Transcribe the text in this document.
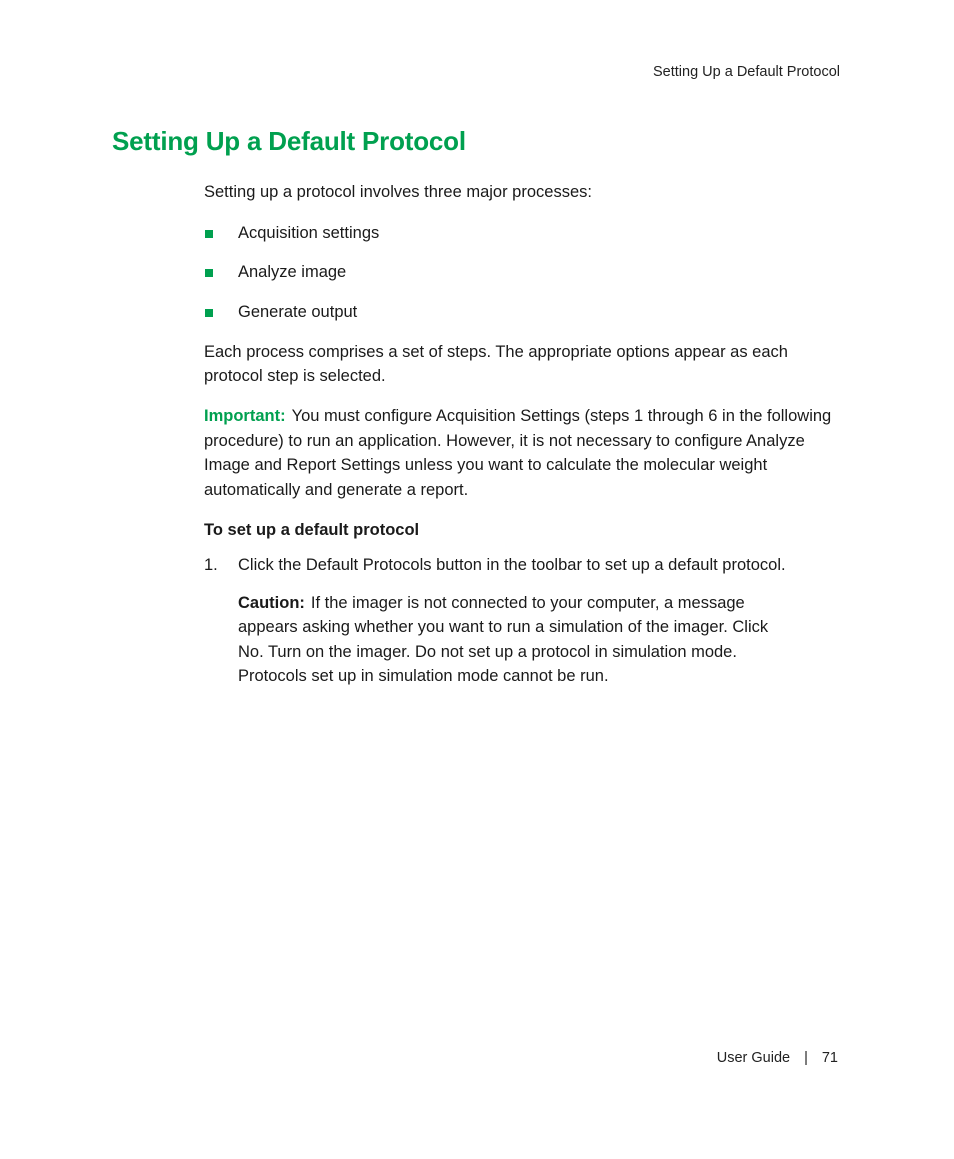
Setting Up a Default Protocol
Setting Up a Default Protocol

Setting up a protocol involves three major processes:

Acquisition settings
Analyze image
Generate output

Each process comprises a set of steps. The appropriate options appear as each protocol step is selected.

Important: You must configure Acquisition Settings (steps 1 through 6 in the following procedure) to run an application. However, it is not necessary to configure Analyze Image and Report Settings unless you want to calculate the molecular weight automatically and generate a report.

To set up a default protocol

1. Click the Default Protocols button in the toolbar to set up a default protocol.

Caution: If the imager is not connected to your computer, a message appears asking whether you want to run a simulation of the imager. Click No. Turn on the imager. Do not set up a protocol in simulation mode. Protocols set up in simulation mode cannot be run.

User Guide | 71
